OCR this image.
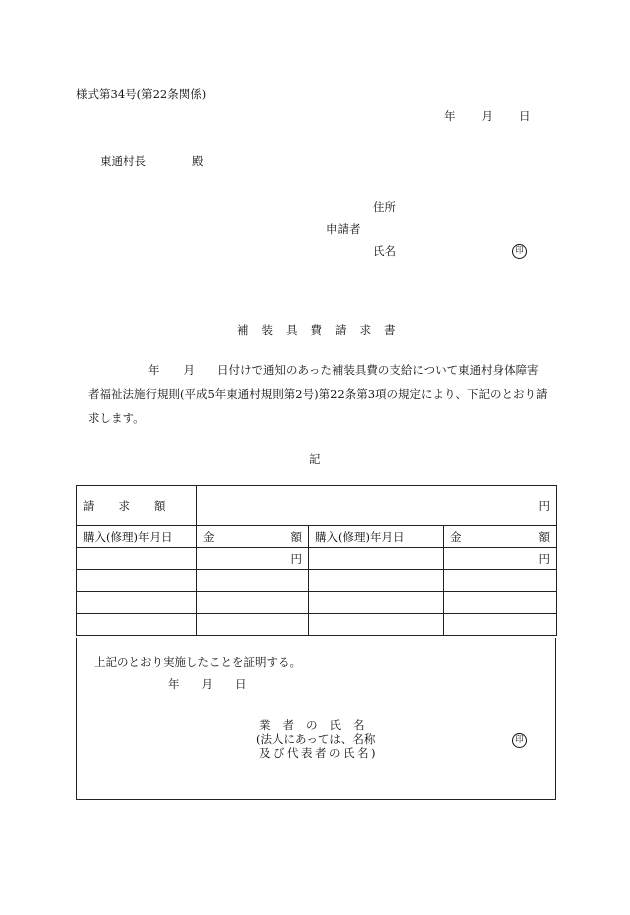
様式第34号(第22条関係)
年 月 日
東通村長	殿
住所
申請者
氏名	印
補装具費請求書
年 月 日付けで通知のあった補装具費の支給について東通村身体障害
者福祉法施行規則(平成5年東通村規則第2号)第22条第3項の規定により、下記のとおり請
求します。
記
請求額	円		
購入(修理)年月日	金 額	購入(修理)年月日	金 額

	円		円

上記のとおり実施したことを証明する。
年 月 日
業者の氏名
(法人にあっては、名称
及び代表者の氏名)
印
